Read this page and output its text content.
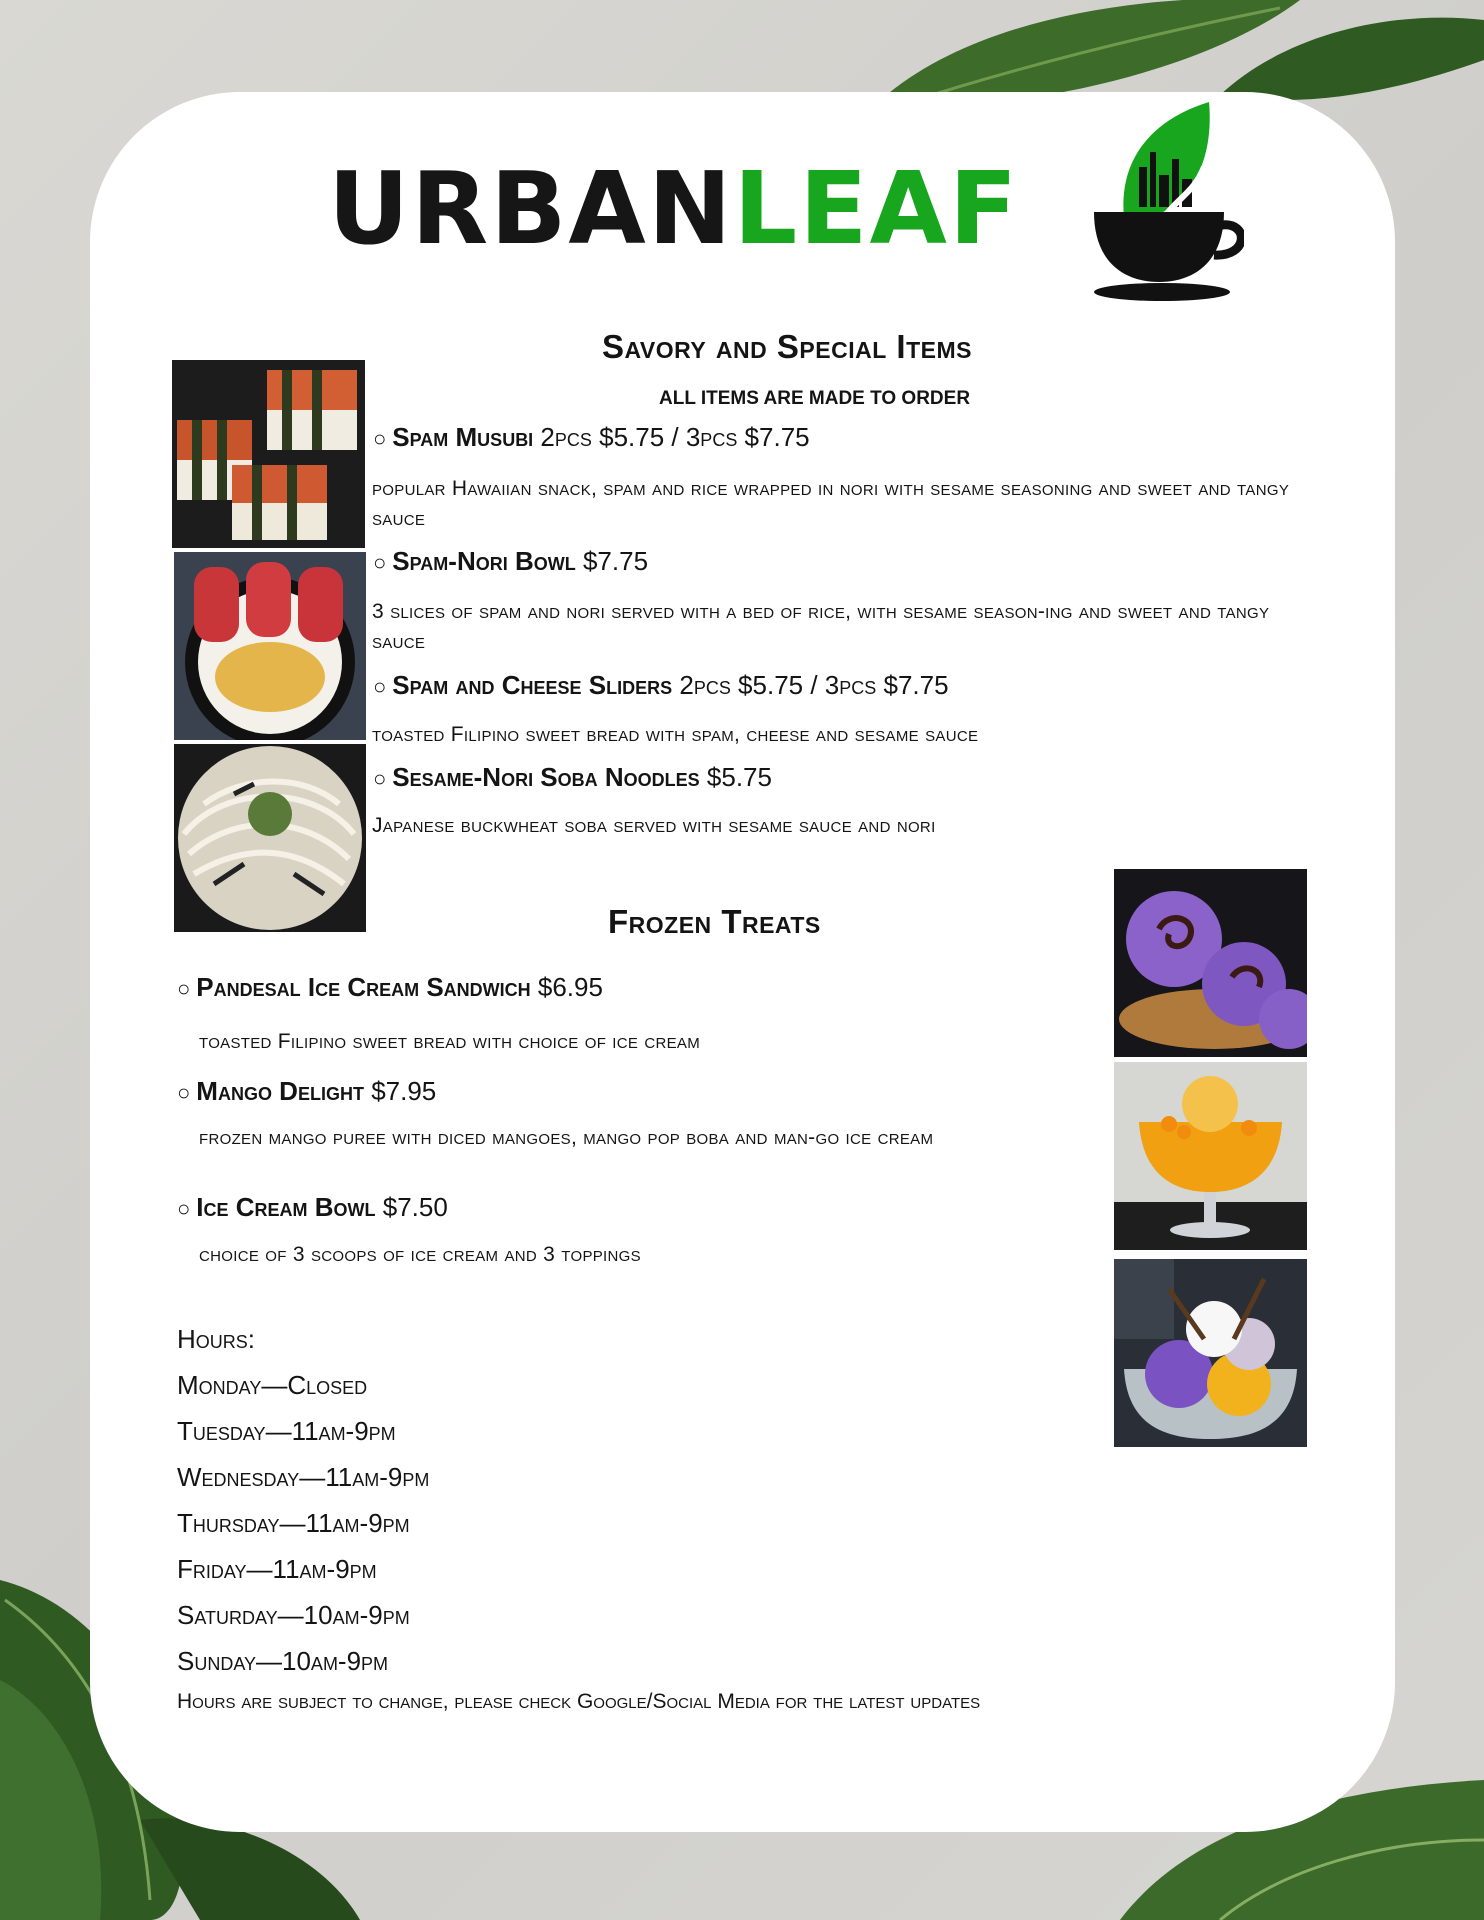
URBANLEAF
Savory and Special Items
ALL ITEMS ARE MADE TO ORDER
○ Spam Musubi 2pcs $5.75 / 3pcs $7.75
popular Hawaiian snack, spam and rice wrapped in nori with sesame seasoning and sweet and tangy sauce
○ Spam-Nori Bowl $7.75
3 slices of spam and nori served with a bed of rice, with sesame season-ing and sweet and tangy sauce
○ Spam and Cheese Sliders 2pcs $5.75 / 3pcs $7.75
toasted Filipino sweet bread with spam, cheese and sesame sauce
○ Sesame-Nori Soba Noodles $5.75
Japanese buckwheat soba served with sesame sauce and nori
Frozen Treats
○ Pandesal Ice Cream Sandwich $6.95
toasted Filipino sweet bread with choice of ice cream
○ Mango Delight $7.95
frozen mango puree with diced mangoes, mango pop boba and man-go ice cream
○ Ice Cream Bowl $7.50
choice of 3 scoops of ice cream and 3 toppings
Hours:
Monday—Closed
Tuesday—11am-9pm
Wednesday—11am-9pm
Thursday—11am-9pm
Friday—11am-9pm
Saturday—10am-9pm
Sunday—10am-9pm
Hours are subject to change, please check Google/Social Media for the latest updates
